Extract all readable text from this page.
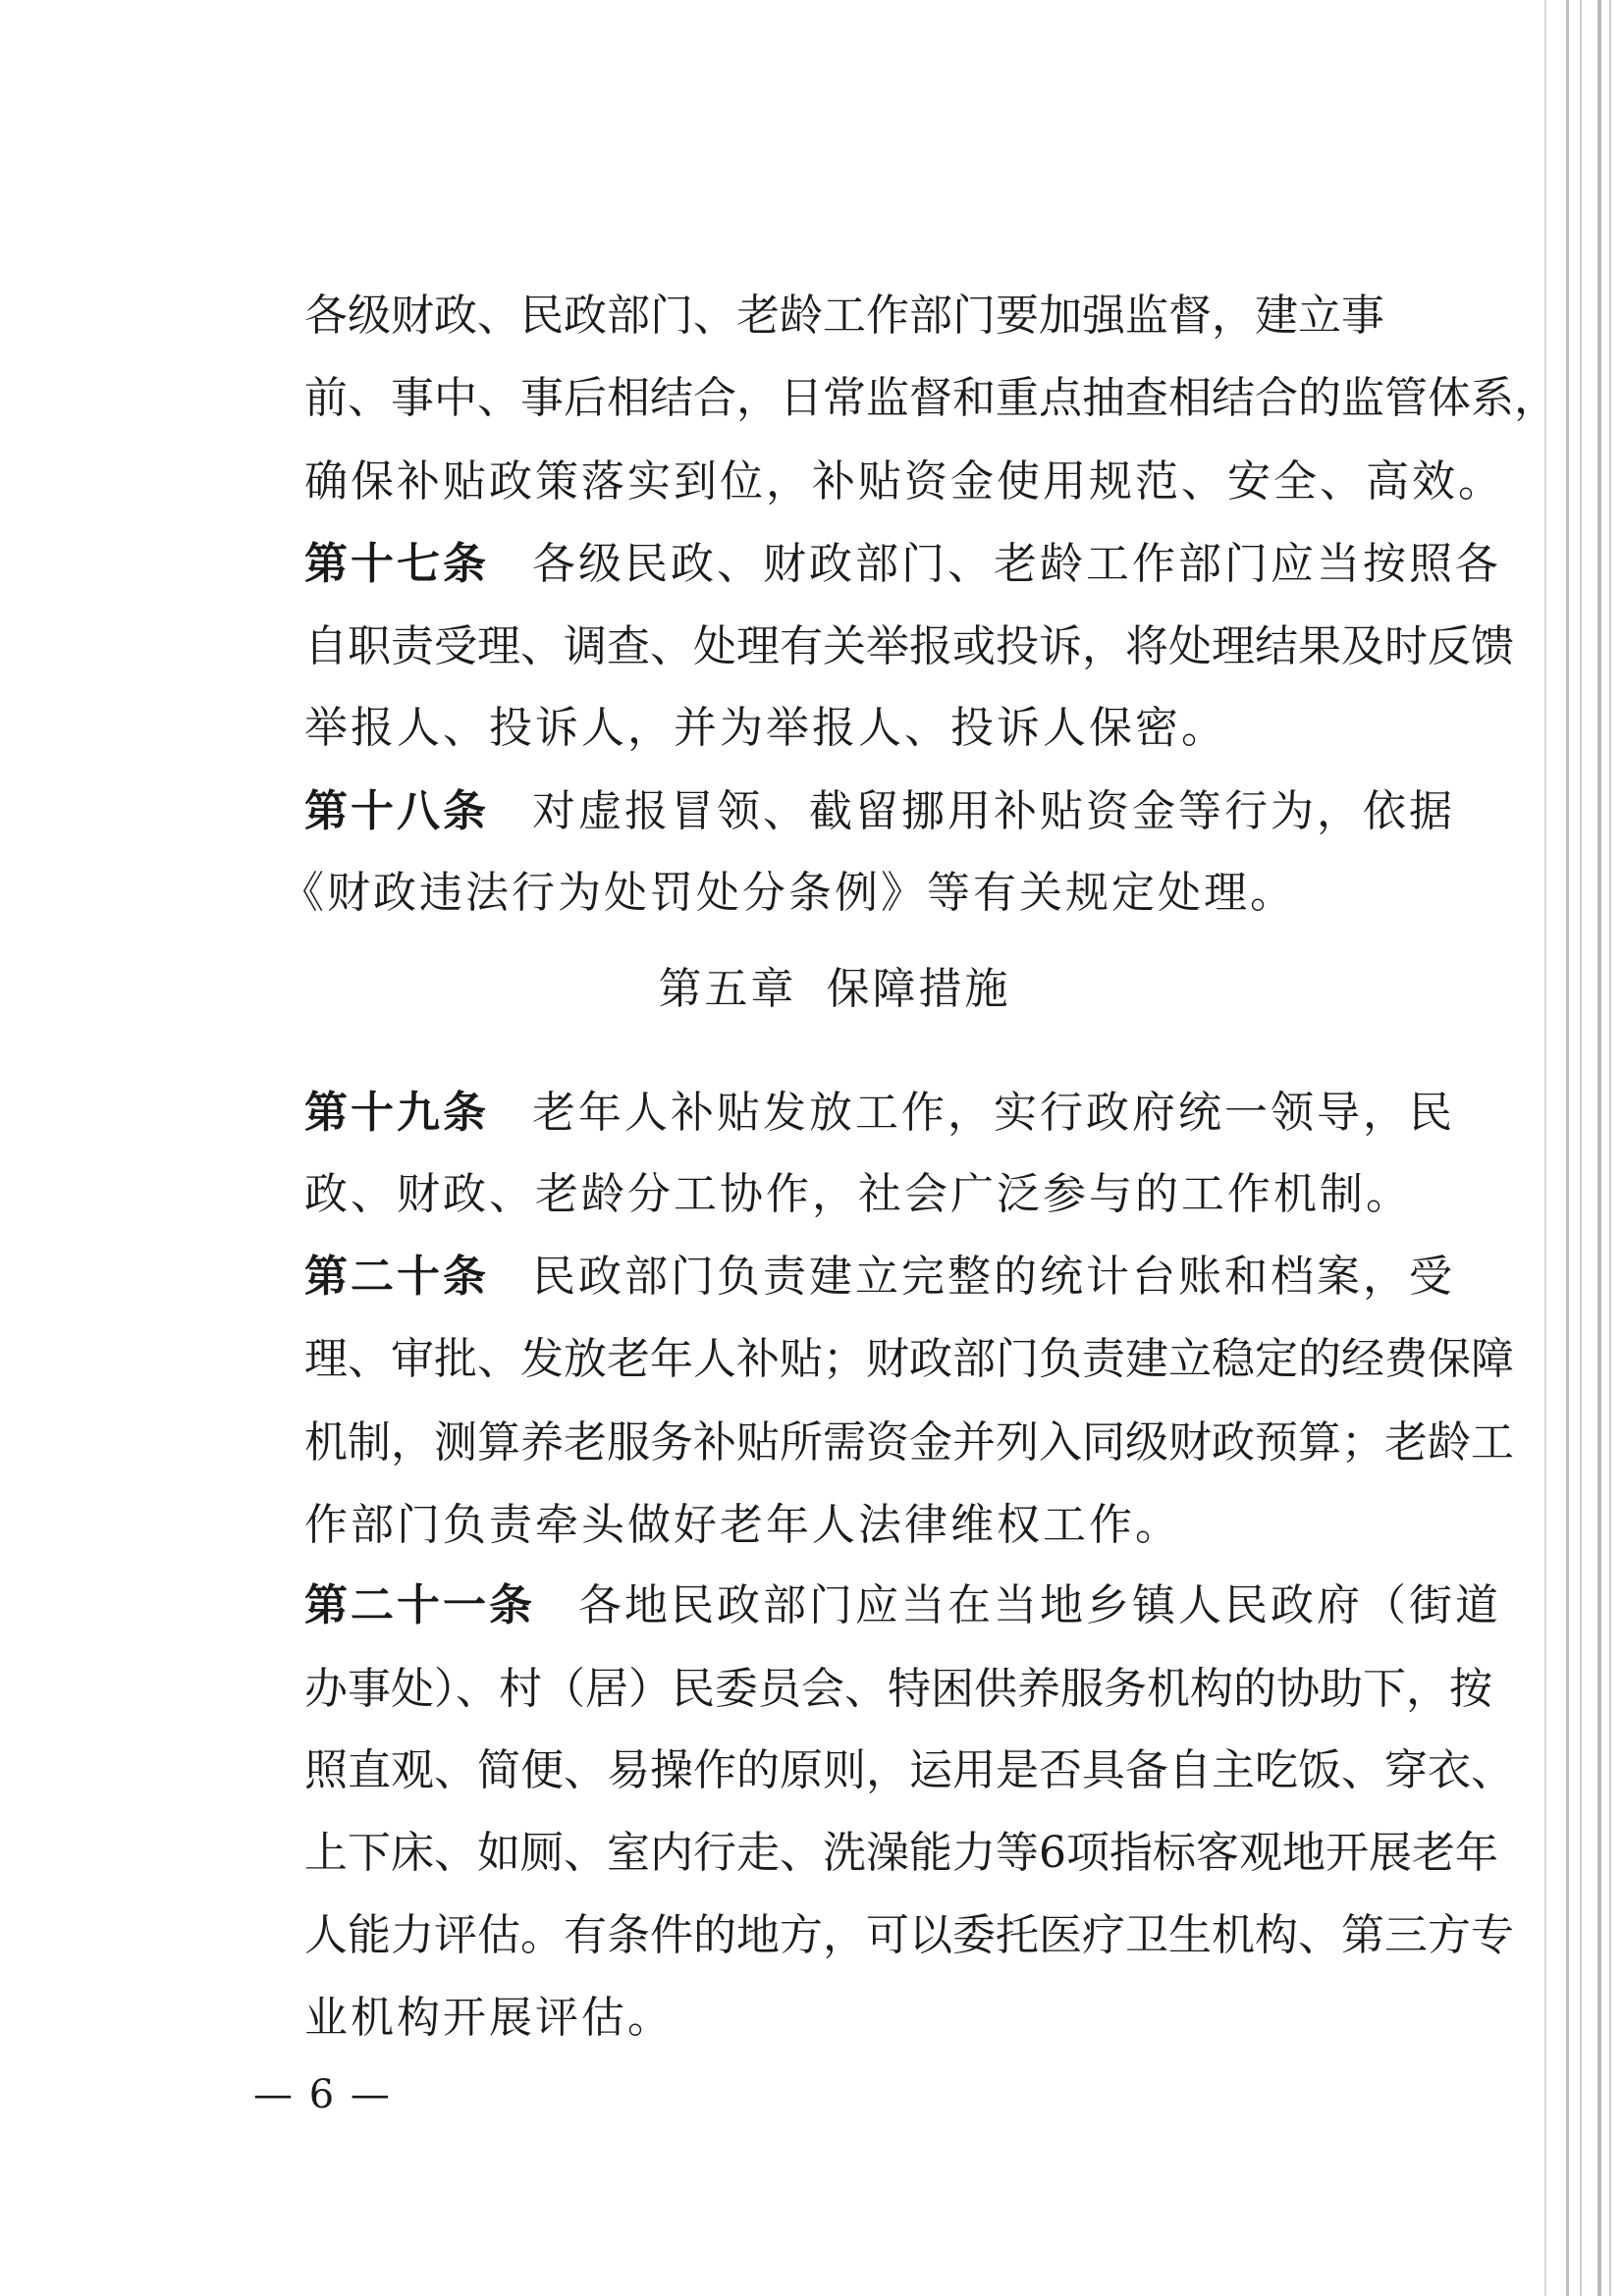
各级财政、民政部门、老龄工作部门要加强监督，建立事
前、事中、事后相结合，日常监督和重点抽查相结合的监管体系，
确保补贴政策落实到位，补贴资金使用规范、安全、高效。
第十七条 各级民政、财政部门、老龄工作部门应当按照各
自职责受理、调查、处理有关举报或投诉，将处理结果及时反馈
举报人、投诉人，并为举报人、投诉人保密。
第十八条 对虚报冒领、截留挪用补贴资金等行为，依据
《财政违法行为处罚处分条例》等有关规定处理。
第五章 保障措施
第十九条 老年人补贴发放工作，实行政府统一领导，民
政、财政、老龄分工协作，社会广泛参与的工作机制。
第二十条 民政部门负责建立完整的统计台账和档案，受
理、审批、发放老年人补贴；财政部门负责建立稳定的经费保障
机制，测算养老服务补贴所需资金并列入同级财政预算；老龄工
作部门负责牵头做好老年人法律维权工作。
第二十一条 各地民政部门应当在当地乡镇人民政府（街道
办事处）、村（居）民委员会、特困供养服务机构的协助下，按
照直观、简便、易操作的原则，运用是否具备自主吃饭、穿衣、
上下床、如厕、室内行走、洗澡能力等6项指标客观地开展老年
人能力评估。有条件的地方，可以委托医疗卫生机构、第三方专
业机构开展评估。
— 6 —
